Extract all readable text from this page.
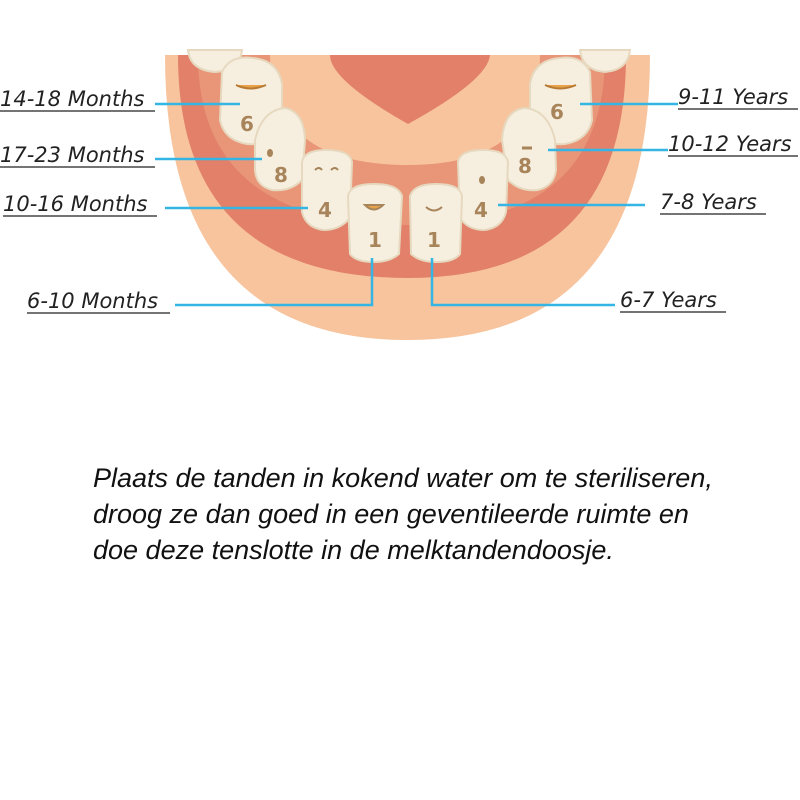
6	6
8	8
4	4
1 1
14-18 Months
17-23 Months
10-16 Months
6-10 Months
9-11 Years
10-12 Years
7-8 Years
6-7 Years

Plaats de tanden in kokend water om te steriliseren, droog ze dan goed in een geventileerde ruimte en doe deze tenslotte in de melktandendoosje.
